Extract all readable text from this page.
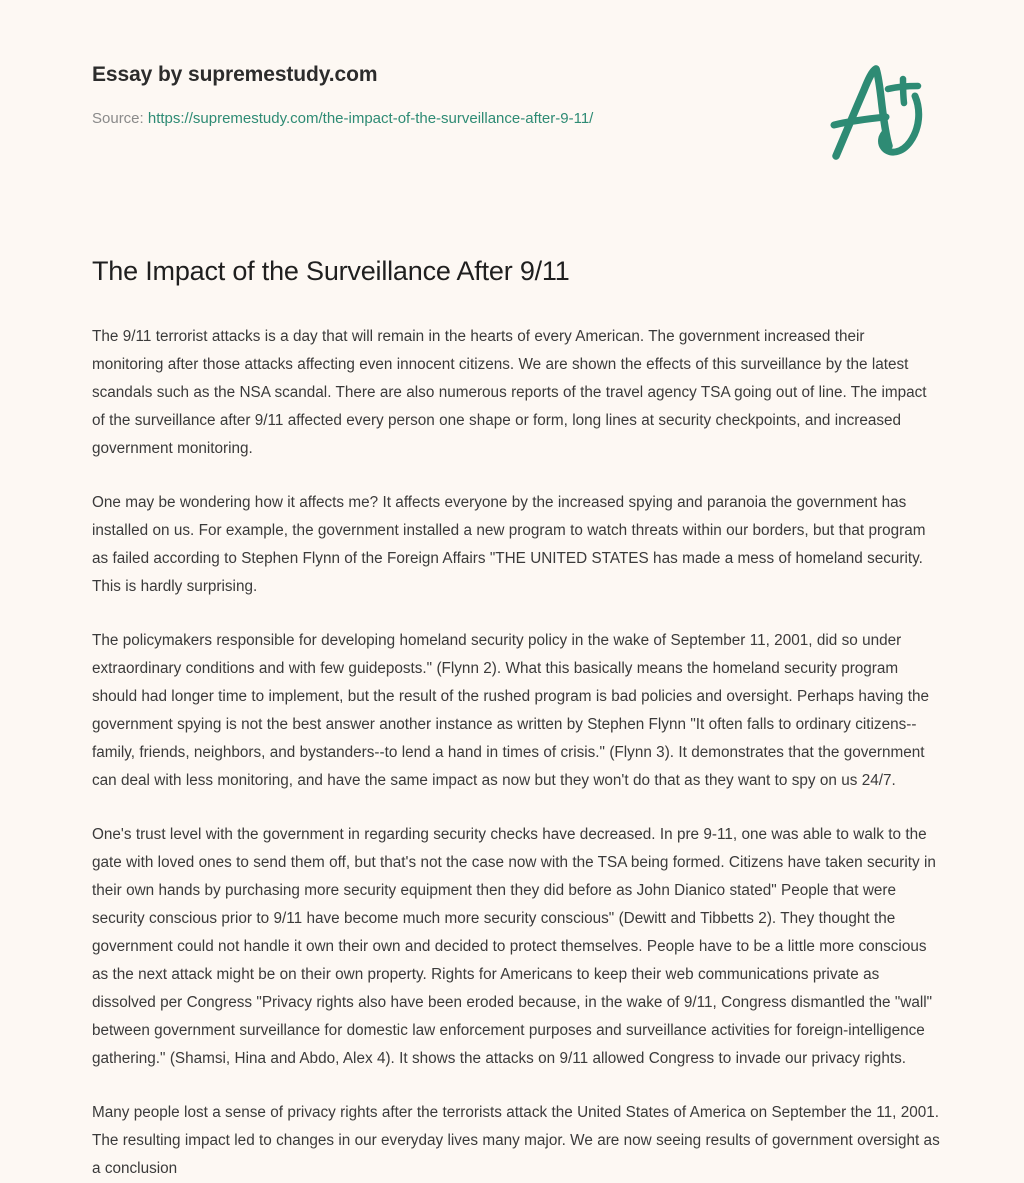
Essay by supremestudy.com
Source: https://supremestudy.com/the-impact-of-the-surveillance-after-9-11/
The Impact of the Surveillance After 9/11

The 9/11 terrorist attacks is a day that will remain in the hearts of every American. The government increased their monitoring after those attacks affecting even innocent citizens. We are shown the effects of this surveillance by the latest scandals such as the NSA scandal. There are also numerous reports of the travel agency TSA going out of line. The impact of the surveillance after 9/11 affected every person one shape or form, long lines at security checkpoints, and increased government monitoring.

One may be wondering how it affects me? It affects everyone by the increased spying and paranoia the government has installed on us. For example, the government installed a new program to watch threats within our borders, but that program as failed according to Stephen Flynn of the Foreign Affairs "THE UNITED STATES has made a mess of homeland security. This is hardly surprising.

The policymakers responsible for developing homeland security policy in the wake of September 11, 2001, did so under extraordinary conditions and with few guideposts." (Flynn 2). What this basically means the homeland security program should had longer time to implement, but the result of the rushed program is bad policies and oversight. Perhaps having the government spying is not the best answer another instance as written by Stephen Flynn "It often falls to ordinary citizens--family, friends, neighbors, and bystanders--to lend a hand in times of crisis." (Flynn 3). It demonstrates that the government can deal with less monitoring, and have the same impact as now but they won't do that as they want to spy on us 24/7.

One's trust level with the government in regarding security checks have decreased. In pre 9-11, one was able to walk to the gate with loved ones to send them off, but that's not the case now with the TSA being formed. Citizens have taken security in their own hands by purchasing more security equipment then they did before as John Dianico stated" People that were security conscious prior to 9/11 have become much more security conscious" (Dewitt and Tibbetts 2). They thought the government could not handle it own their own and decided to protect themselves. People have to be a little more conscious as the next attack might be on their own property. Rights for Americans to keep their web communications private as dissolved per Congress "Privacy rights also have been eroded because, in the wake of 9/11, Congress dismantled the "wall" between government surveillance for domestic law enforcement purposes and surveillance activities for foreign-intelligence gathering." (Shamsi, Hina and Abdo, Alex 4). It shows the attacks on 9/11 allowed Congress to invade our privacy rights.

Many people lost a sense of privacy rights after the terrorists attack the United States of America on September the 11, 2001. The resulting impact led to changes in our everyday lives many major. We are now seeing results of government oversight as a conclusion
